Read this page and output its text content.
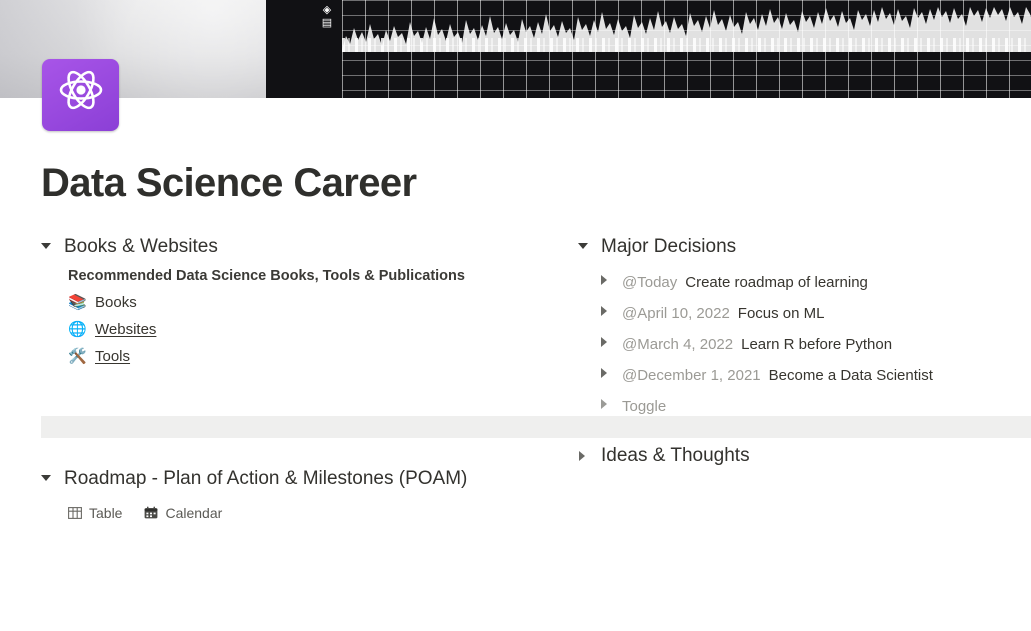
◈
▤
Data Science Career
Books & Websites
Recommended Data Science Books, Tools & Publications
📚 Books
🌐 Websites
🛠️ Tools
Major Decisions
@Today Create roadmap of learning
@April 10, 2022 Focus on ML
@March 4, 2022 Learn R before Python
@December 1, 2021 Become a Data Scientist
Toggle
Ideas & Thoughts
Roadmap - Plan of Action & Milestones (POAM)
Table	Calendar
